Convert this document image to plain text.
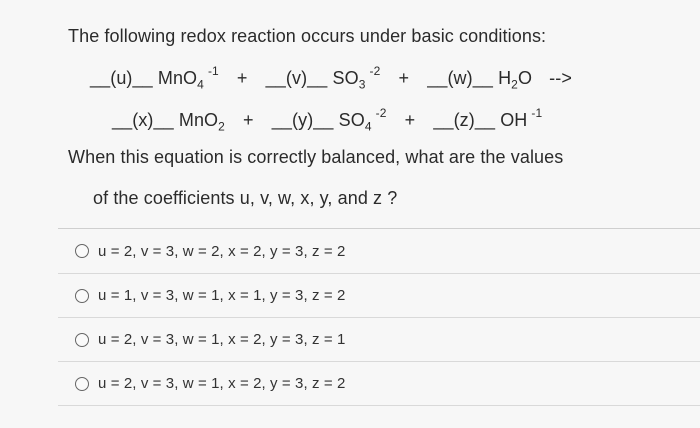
The following redox reaction occurs under basic conditions:
__(u)__ MnO$_4^{-1}$ + __(v)__ $SO_3^{-2}$ + __(w)__ $H_2O$ -->
__(x)__ MnO$_2$ + __(y)__ $SO_4^{-2}$ + __(z)__ OH $^{-1}$
When this equation is correctly balanced, what are the values
of the coefficients u, v, w, x, y, and z ?
u = 2, v = 3, w = 2, x = 2, y = 3, z = 2
u = 1, v = 3, w = 1, x = 1, y = 3, z = 2
u = 2, v = 3, w = 1, x = 2, y = 3, z = 1
u = 2, v = 3, w = 1, x = 2, y = 3, z = 2
